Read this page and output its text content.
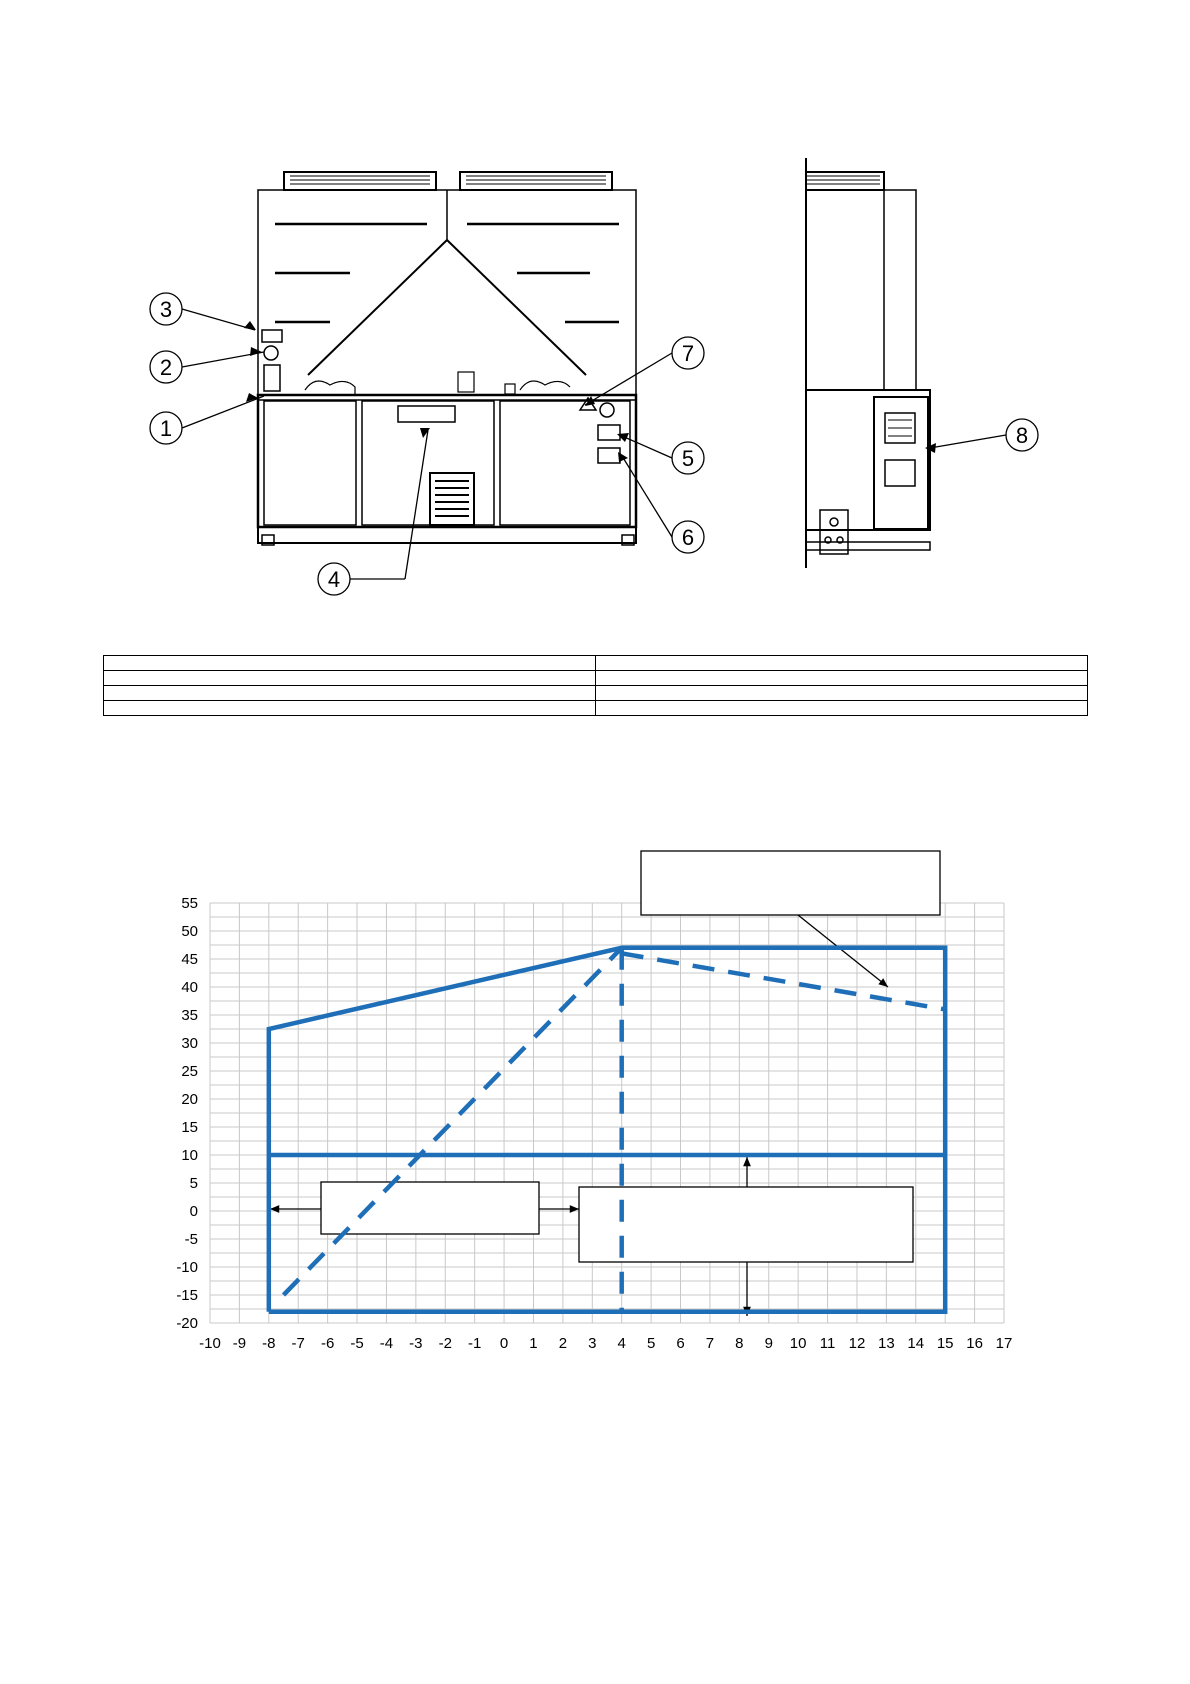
1
2
3
4
5
6
7
8

-10 -9 -8 -7 -6 -5 -4 -3 -2 -1 0 1 2 3 4 5 6 7 8 9 10 11 12 13 14 15 16 17
55
50
45
40
35
30
25
20
15
10
5
0
-5
-10
-15
-20
